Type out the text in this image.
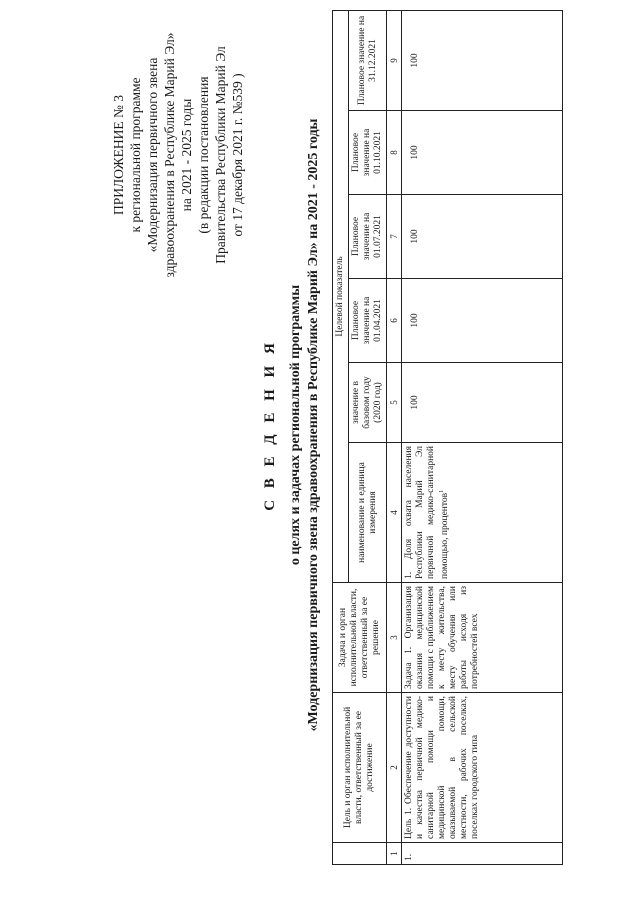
ПРИЛОЖЕНИЕ № 3 к региональной программе «Модернизация первичного звена здравоохранения в Республике Марий Эл» на 2021 - 2025 годы (в редакции постановления Правительства Республики Марий Эл от 17 декабря 2021 г. №539 )
С В Е Д Е Н И Я о целях и задачах региональной программы «Модернизация первичного звена здравоохранения в Республике Марий Эл» на 2021 - 2025 годы
	Цель и орган исполнительной власти, ответственный за ее достижение	Задача и орган исполнительной власти, ответственный за ее решение	Целевой показатель					
			наименование и единица измерения	значение в базовом году (2020 год)	Плановое значение на 01.04.2021	Плановое значение на 01.07.2021	Плановое значение на 01.10.2021	Плановое значение на 31.12.2021
1	2	3	4	5	6	7	8	9
1.	Цель 1. Обеспечение доступности и качества первичной медико-санитарной помощи и медицинской помощи, оказываемой в сельской местности, рабочих поселках, поселках городского типа	Задача 1. Организация оказания медицинской помощи с приближением к месту жительства, месту обучения или работы исходя из потребностей всех	1. Доля охвата населения Республики Марий Эл первичной медико-санитарной помощью, процентов$^1$	100	100	100	100	100
